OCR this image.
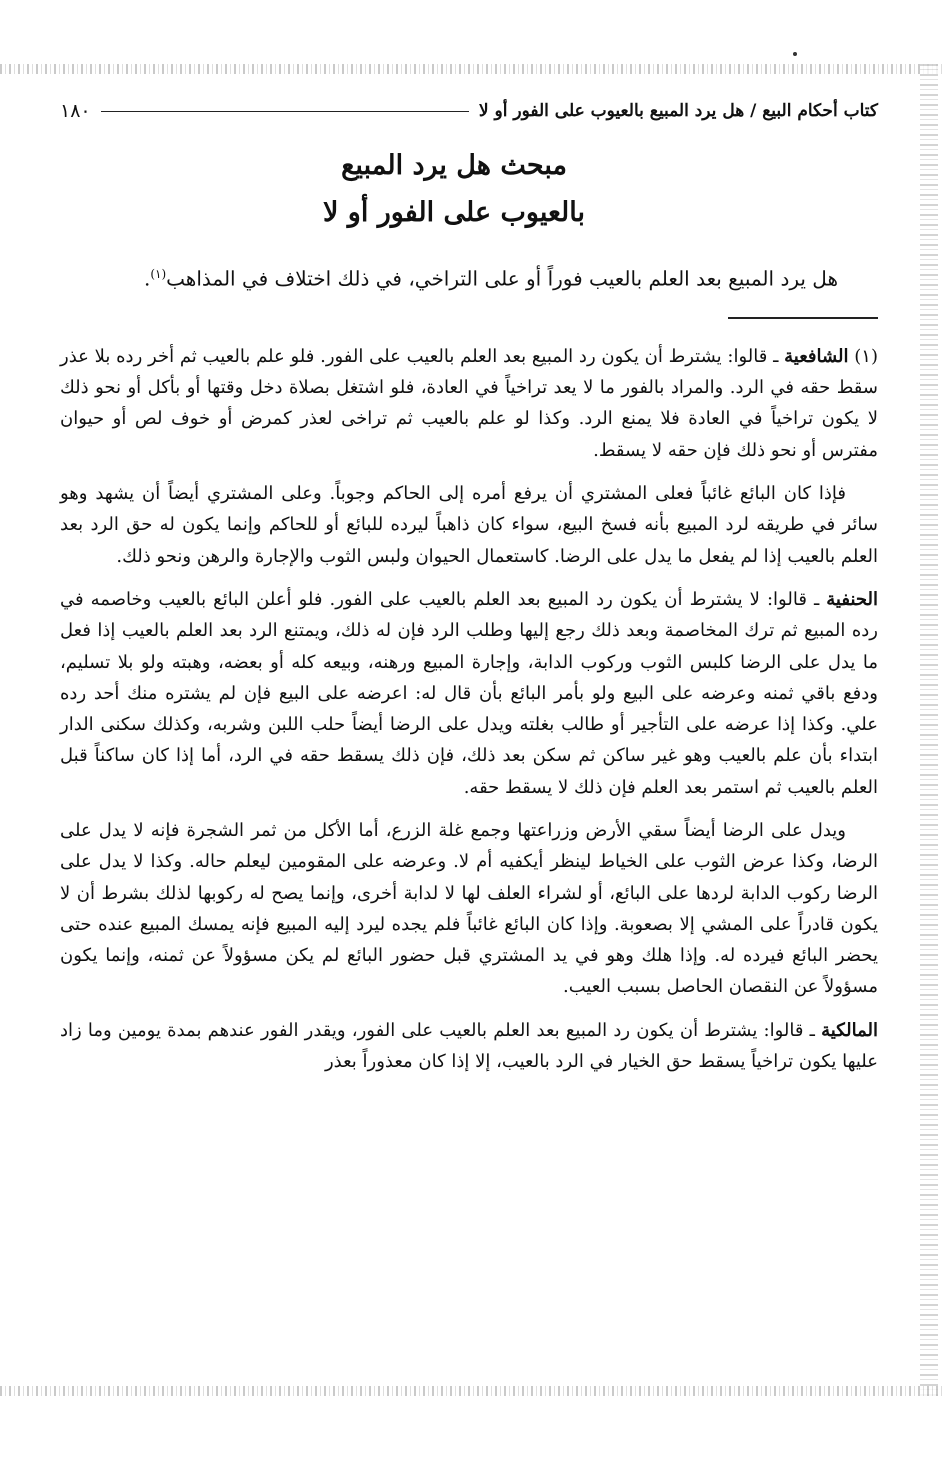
كتاب أحكام البيع / هل يرد المبيع بالعيوب على الفور أو لا
١٨٠
مبحث هل يرد المبيع
بالعيوب على الفور أو لا

هل يرد المبيع بعد العلم بالعيب فوراً أو على التراخي، في ذلك اختلاف في المذاهب$^{(١)}$.

(١) الشافعية ـ قالوا: يشترط أن يكون رد المبيع بعد العلم بالعيب على الفور. فلو علم بالعيب ثم أخر رده بلا عذر سقط حقه في الرد. والمراد بالفور ما لا يعد تراخياً في العادة، فلو اشتغل بصلاة دخل وقتها أو بأكل أو نحو ذلك لا يكون تراخياً في العادة فلا يمنع الرد. وكذا لو علم بالعيب ثم تراخى لعذر كمرض أو خوف لص أو حيوان مفترس أو نحو ذلك فإن حقه لا يسقط.

فإذا كان البائع غائباً فعلى المشتري أن يرفع أمره إلى الحاكم وجوباً. وعلى المشتري أيضاً أن يشهد وهو سائر في طريقه لرد المبيع بأنه فسخ البيع، سواء كان ذاهباً ليرده للبائع أو للحاكم وإنما يكون له حق الرد بعد العلم بالعيب إذا لم يفعل ما يدل على الرضا. كاستعمال الحيوان ولبس الثوب والإجارة والرهن ونحو ذلك.

الحنفية ـ قالوا: لا يشترط أن يكون رد المبيع بعد العلم بالعيب على الفور. فلو أعلن البائع بالعيب وخاصمه في رده المبيع ثم ترك المخاصمة وبعد ذلك رجع إليها وطلب الرد فإن له ذلك، ويمتنع الرد بعد العلم بالعيب إذا فعل ما يدل على الرضا كلبس الثوب وركوب الدابة، وإجارة المبيع ورهنه، وبيعه كله أو بعضه، وهبته ولو بلا تسليم، ودفع باقي ثمنه وعرضه على البيع ولو بأمر البائع بأن قال له: اعرضه على البيع فإن لم يشتره منك أحد رده علي. وكذا إذا عرضه على التأجير أو طالب بغلته ويدل على الرضا أيضاً حلب اللبن وشربه، وكذلك سكنى الدار ابتداء بأن علم بالعيب وهو غير ساكن ثم سكن بعد ذلك، فإن ذلك يسقط حقه في الرد، أما إذا كان ساكناً قبل العلم بالعيب ثم استمر بعد العلم فإن ذلك لا يسقط حقه.

ويدل على الرضا أيضاً سقي الأرض وزراعتها وجمع غلة الزرع، أما الأكل من ثمر الشجرة فإنه لا يدل على الرضا، وكذا عرض الثوب على الخياط لينظر أيكفيه أم لا. وعرضه على المقومين ليعلم حاله. وكذا لا يدل على الرضا ركوب الدابة لردها على البائع، أو لشراء العلف لها لا لدابة أخرى، وإنما يصح له ركوبها لذلك بشرط أن لا يكون قادراً على المشي إلا بصعوبة. وإذا كان البائع غائباً فلم يجده ليرد إليه المبيع فإنه يمسك المبيع عنده حتى يحضر البائع فيرده له. وإذا هلك وهو في يد المشتري قبل حضور البائع لم يكن مسؤولاً عن ثمنه، وإنما يكون مسؤولاً عن النقصان الحاصل بسبب العيب.

المالكية ـ قالوا: يشترط أن يكون رد المبيع بعد العلم بالعيب على الفور، ويقدر الفور عندهم بمدة يومين وما زاد عليها يكون تراخياً يسقط حق الخيار في الرد بالعيب، إلا إذا كان معذوراً بعذر
